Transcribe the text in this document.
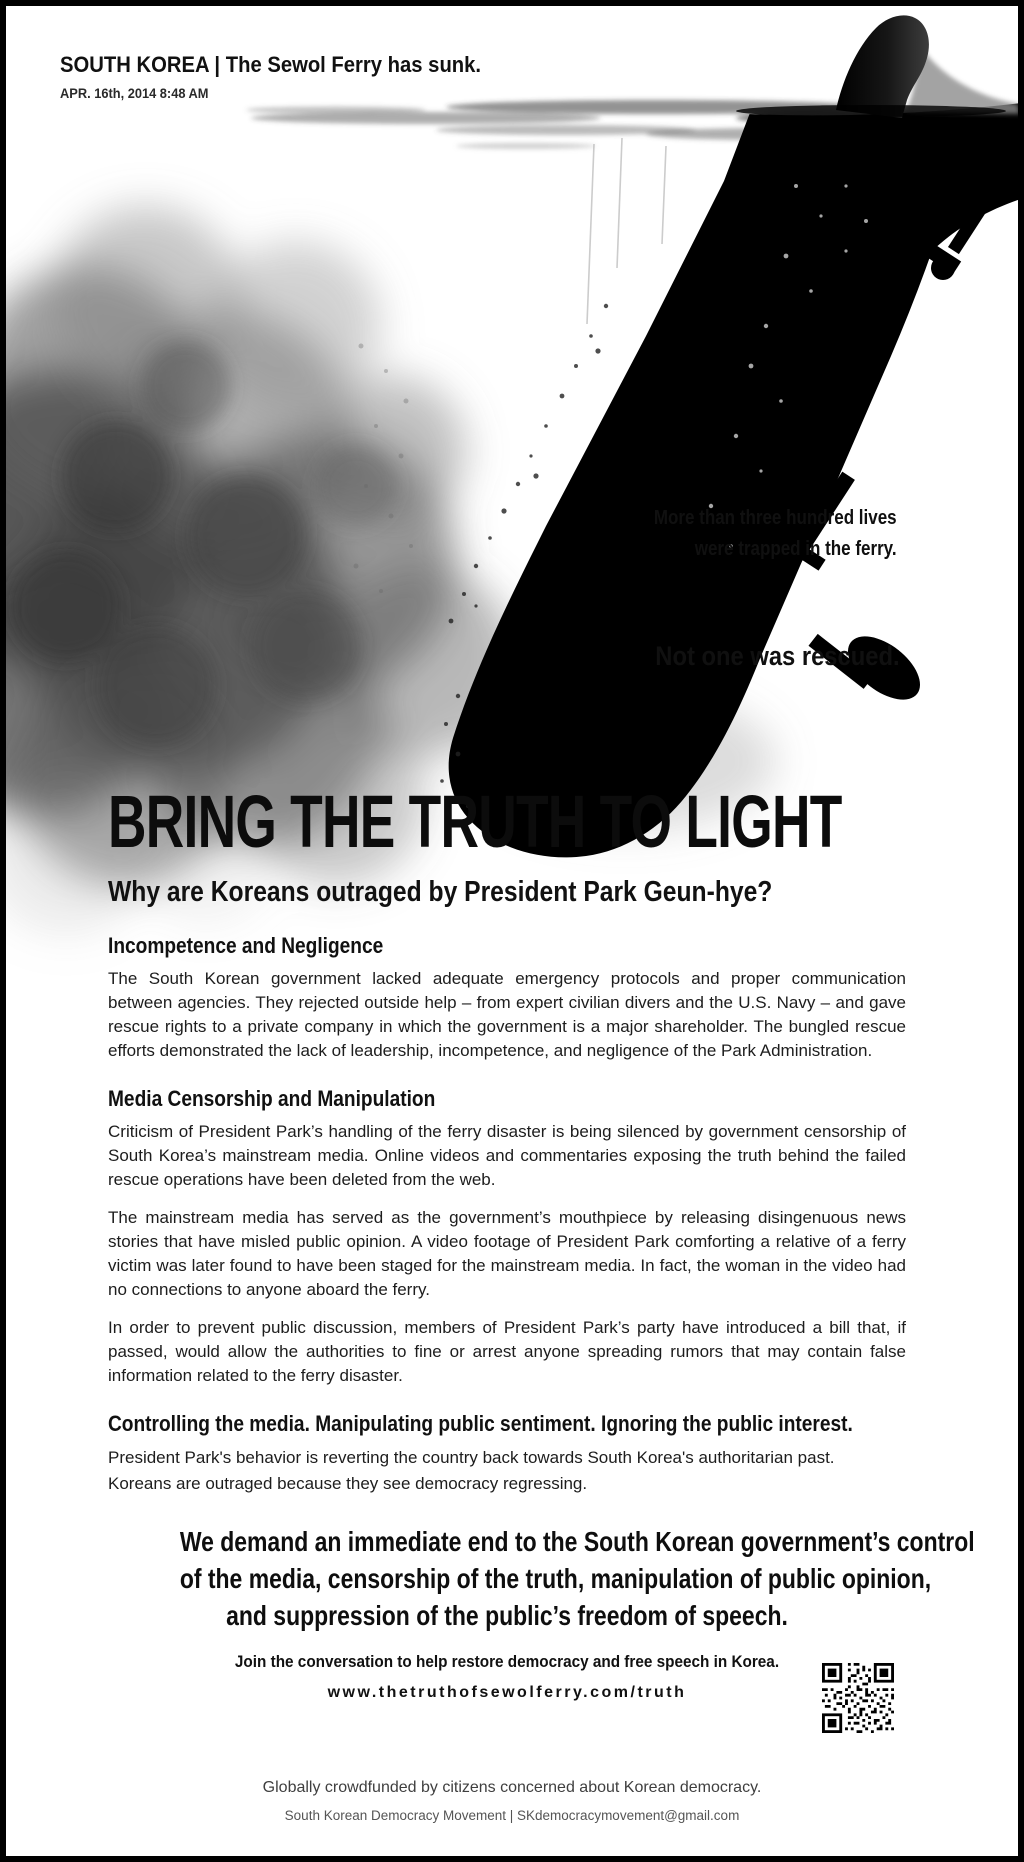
SOUTH KOREA | The Sewol Ferry has sunk.
APR. 16th, 2014 8:48 AM
More than three hundred lives
were trapped in the ferry.
Not one was rescued.
BRING THE TRUTH TO LIGHT
Why are Koreans outraged by President Park Geun-hye?
Incompetence and Negligence

The South Korean government lacked adequate emergency protocols and proper communication between agencies. They rejected outside help – from expert civilian divers and the U.S. Navy – and gave rescue rights to a private company in which the government is a major shareholder. The bungled rescue efforts demonstrated the lack of leadership, incompetence, and negligence of the Park Administration.

Media Censorship and Manipulation

Criticism of President Park’s handling of the ferry disaster is being silenced by government censorship of South Korea’s mainstream media. Online videos and commentaries exposing the truth behind the failed rescue operations have been deleted from the web.

The mainstream media has served as the government’s mouthpiece by releasing disingenuous news stories that have misled public opinion. A video footage of President Park comforting a relative of a ferry victim was later found to have been staged for the mainstream media. In fact, the woman in the video had no connections to anyone aboard the ferry.

In order to prevent public discussion, members of President Park’s party have introduced a bill that, if passed, would allow the authorities to fine or arrest anyone spreading rumors that may contain false information related to the ferry disaster.

Controlling the media. Manipulating public sentiment. Ignoring the public interest.

President Park's behavior is reverting the country back towards South Korea's authoritarian past.

Koreans are outraged because they see democracy regressing.

We demand an immediate end to the South Korean government’s control
of the media, censorship of the truth, manipulation of public opinion,
and suppression of the public’s freedom of speech.
Join the conversation to help restore democracy and free speech in Korea.
www.thetruthofsewolferry.com/truth
Globally crowdfunded by citizens concerned about Korean democracy.
South Korean Democracy Movement | SKdemocracymovement@gmail.com
